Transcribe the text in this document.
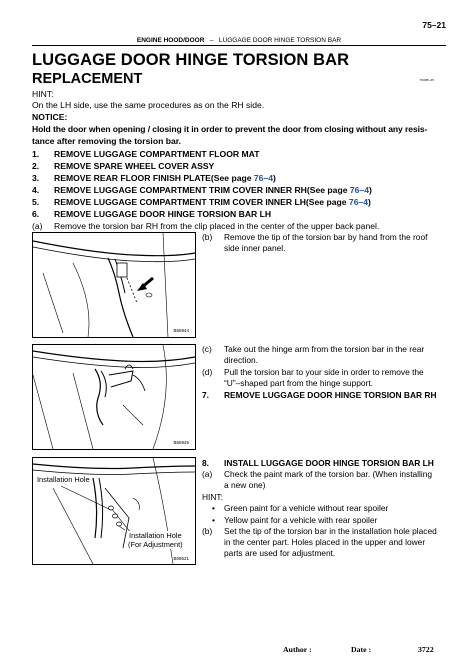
75–21
ENGINE HOOD/DOOR – LUGGAGE DOOR HINGE TORSION BAR
LUGGAGE DOOR HINGE TORSION BAR
REPLACEMENT	TI0085–45
HINT:
On the LH side, use the same procedures as on the RH side.
NOTICE:
Hold the door when opening / closing it in order to prevent the door from closing without any resis-
tance after removing the torsion bar.
1. REMOVE LUGGAGE COMPARTMENT FLOOR MAT
2. REMOVE SPARE WHEEL COVER ASSY
3. REMOVE REAR FLOOR FINISH PLATE(See page 76–4)
4. REMOVE LUGGAGE COMPARTMENT TRIM COVER INNER RH(See page 76–4)
5. REMOVE LUGGAGE COMPARTMENT TRIM COVER INNER LH(See page 76–4)
6. REMOVE LUGGAGE DOOR HINGE TORSION BAR LH
(a) Remove the torsion bar RH from the clip placed in the center of the upper back panel.
B55944
(b) Remove the tip of the torsion bar by hand from the roof
side inner panel.
B55945
(c) Take out the hinge arm from the torsion bar in the rear
direction.
(d) Pull the torsion bar to your side in order to remove the
“U”–shaped part from the hinge support.
7. REMOVE LUGGAGE DOOR HINGE TORSION BAR RH
Installation Hole
Installation Hole
(For Adjustment)
B08621
8. INSTALL LUGGAGE DOOR HINGE TORSION BAR LH
(a) Check the paint mark of the torsion bar. (When installing
a new one)
HINT:
• Green paint for a vehicle without rear spoiler
• Yellow paint for a vehicle with rear spoiler
(b) Set the tip of the torsion bar in the installation hole placed
in the center part. Holes placed in the upper and lower
parts are used for adjustment.
Author :	Date :	3722
